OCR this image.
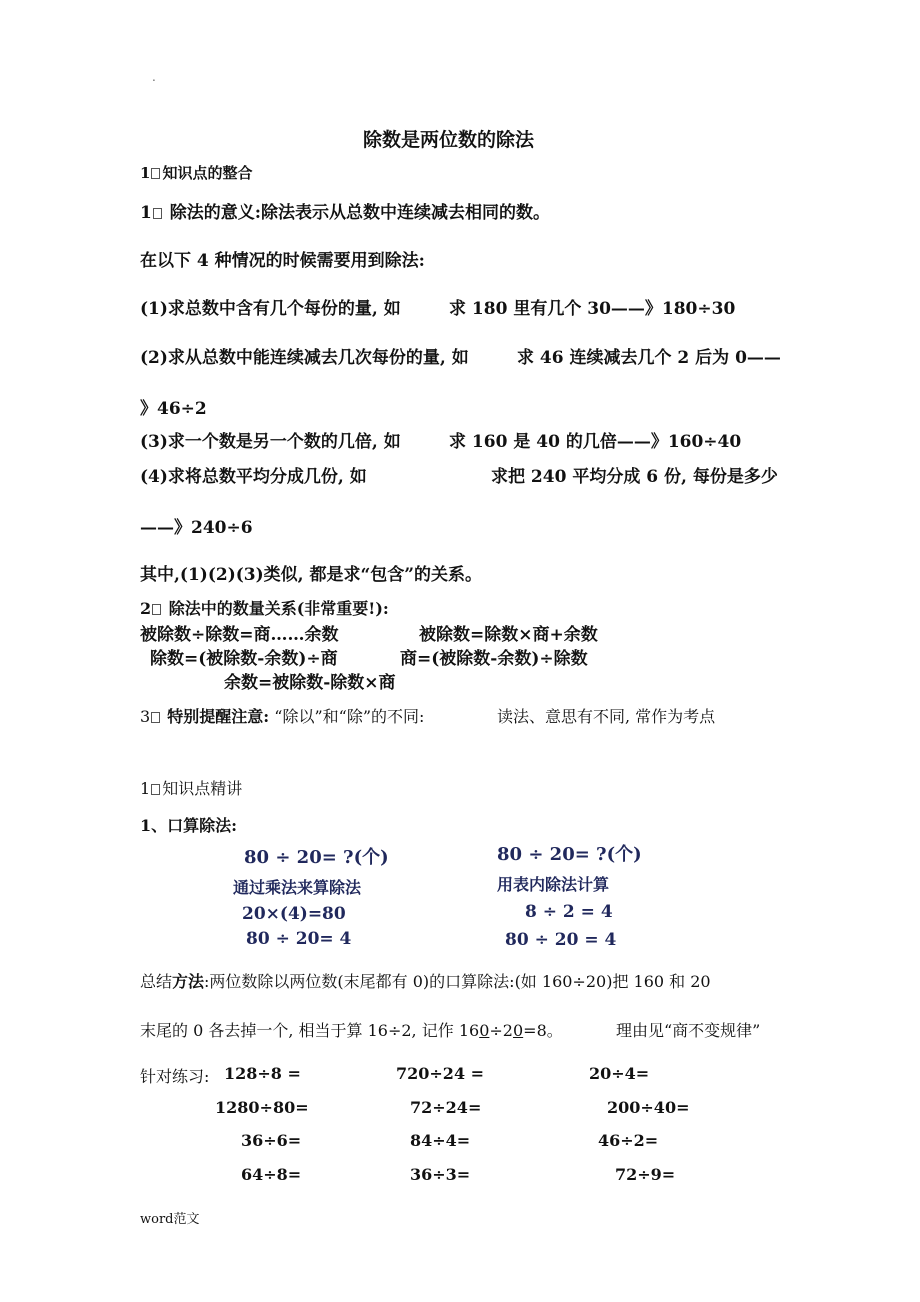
.
除数是两位数的除法
1 知识点的整合
1 除法的意义:除法表示从总数中连续减去相同的数。
在以下 4 种情况的时候需要用到除法:
(1)求总数中含有几个每份的量, 如	求 180 里有几个 30——》180÷30
(2)求从总数中能连续减去几次每份的量, 如	求 46 连续减去几个 2 后为 0——
》46÷2
(3)求一个数是另一个数的几倍, 如	求 160 是 40 的几倍——》160÷40
(4)求将总数平均分成几份, 如	求把 240 平均分成 6 份, 每份是多少
——》240÷6
其中,(1)(2)(3)类似, 都是求“包含”的关系。
2 除法中的数量关系(非常重要!):
被除数÷除数=商……余数	被除数=除数×商+余数
除数=(被除数-余数)÷商	商=(被除数-余数)÷除数
余数=被除数-除数×商
3 特别提醒注意: “除以”和“除”的不同:	读法、意思有不同, 常作为考点
1 知识点精讲
1、口算除法:
80 ÷ 20= ?(个)
通过乘法来算除法
20×(4)=80
80 ÷ 20= 4
80 ÷ 20= ?(个)
用表内除法计算
8 ÷ 2 = 4
80 ÷ 20 = 4
总结方法:两位数除以两位数(末尾都有 0)的口算除法:(如 160÷20)把 160 和 20
末尾的 0 各去掉一个, 相当于算 16÷2, 记作 160÷20=8。	理由见“商不变规律”
针对练习: 128÷8 =	720÷24 =	20÷4=
1280÷80=	72÷24=	200÷40=
36÷6=	84÷4=	46÷2=
64÷8=	36÷3=	72÷9=
word范文
